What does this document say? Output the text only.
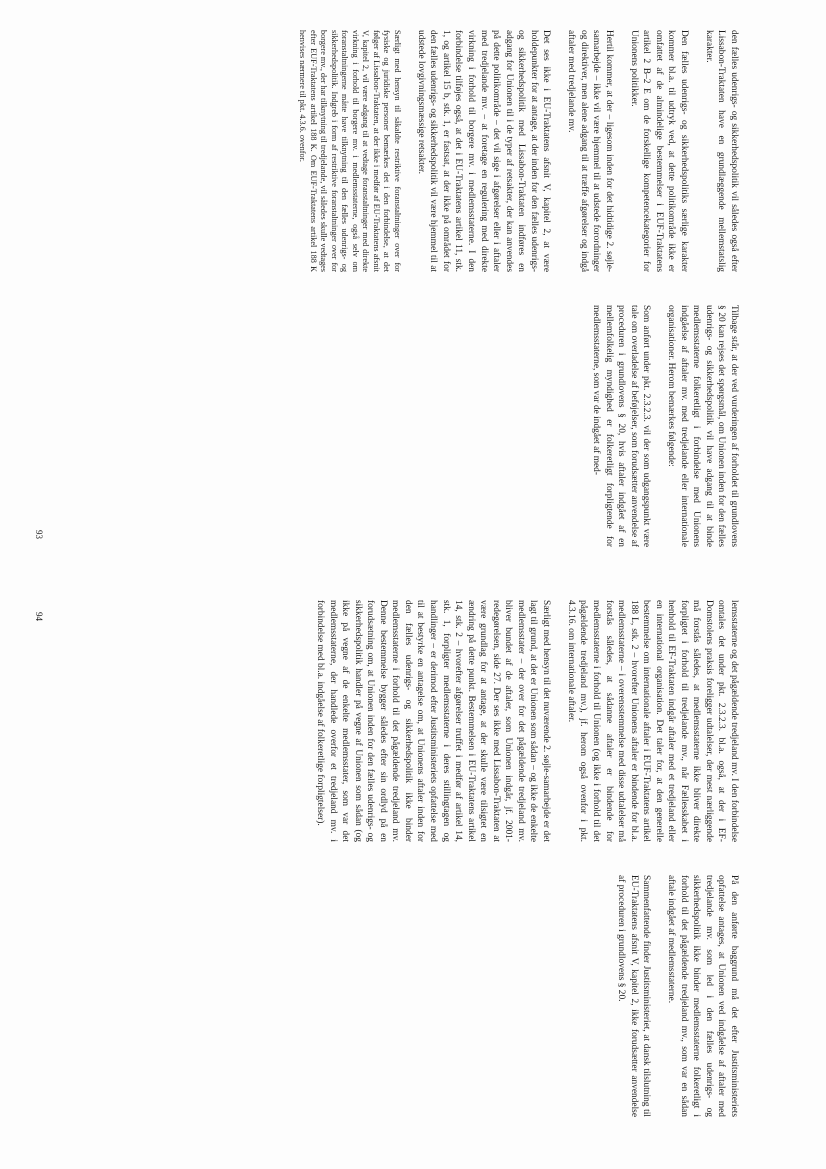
den fælles udenrigs- og sikkerhedspolitik vil således også efter Lissabon-Traktaten have en grundlæggende mellemstatslig karakter.

Den fælles udenrigs- og sikkerhedspolitiks særlige karakter kommer bl.a. til udtryk ved, at dette politikområde ikke er omfattet af de almindelige bestemmelser i EUF-Traktatens artikel 2 B–2 E om de forskellige kompetencekategorier for Unionens politikker.

Hertil kommer, at der – ligesom inden for det hidtidige 2. søjle-samarbejde – ikke vil være hjemmel til at udstede forordninger og direktiver, men alene adgang til at træffe afgørelser og indgå aftaler med tredjelande mv.

Det ses ikke i EU-Traktatens afsnit V, kapitel 2, at være holdepunkter for at antage, at der inden for den fælles udenrigs- og sikkerhedspolitik med Lissabon-Traktaten indføres en adgang for Unionen til i de typer af retsakter, der kan anvendes på dette politikområde – det vil sige i afgørelser eller i aftaler med tredjelande mv. – at foretage en regulering med direkte virkning i forhold til borgere mv. i medlemsstaterne. I den forbindelse tilføjes også, at det i EU-Traktatens artikel 11, stk. 1, og artikel 15 b, stk. 1, er fastsat, at der ikke på området for den fælles udenrigs- og sikkerhedspolitik vil være hjemmel til at udstede lovgivningsmæssige retsakter.

Særligt med hensyn til såkaldte restriktive foranstaltninger over for fysiske og juridiske personer bemærkes det i den forbindelse, at det følger af Lissabon-Traktaten, at der ikke i medfør af EU-Traktatens afsnit V, kapitel 2, vil være adgang til at vedtage foranstaltninger med direkte virkning i forhold til borgere mv. i medlemsstaterne, også selv om foranstaltningerne måtte have tilknytning til den fælles udenrigs- og sikkerhedspolitik. Indgreb i form af restriktive foranstaltninger over for borgere mv., der har tilknytning til tredjelande, vil således skulle vedtages efter EUF-Traktatens artikel 188 K. Om EUF-Traktatens artikel 188 K henvises nærmere til pkt. 4.3.6. ovenfor.

Tilbage står, at der ved vurderingen af forholdet til grundlovens § 20 kan rejses det spørgsmål, om Unionen inden for den fælles udenrigs- og sikkerhedspolitik vil have adgang til at binde medlemsstaterne folkeretligt i forbindelse med Unionens indgåelse af aftaler mv. med tredjelande eller internationale organisationer. Herom bemærkes følgende:

Som anført under pkt. 2.3.2.3. vil der som udgangspunkt være tale om overladelse af beføjelser, som forudsætter anvendelse af proceduren i grundlovens § 20, hvis aftaler indgået af en mellemfolkelig myndighed er folkeretligt forpligtende for medlemsstaterne, som var de indgået af med-

93

lemsstaterne og det pågældende tredjeland mv. I den forbindelse omtales det under pkt. 2.3.2.3. bl.a. også, at der i EF-Domstolens praksis foreligger udtalelser, der mest nærliggende må forstås således, at medlemsstaterne ikke bliver direkte forpligtet i forhold til tredjelande mv., når Fællesskabet i henhold til EF-Traktaten indgår aftaler med et tredjeland eller en international organisation. Det taler for, at den generelle bestemmelse om internationale aftaler i EUF-Traktatens artikel 188 L, stk. 2 – hvorefter Unionens aftaler er bindende for bl.a. medlemsstaterne – i overensstemmelse med disse udtalelser må forstås således, at sådanne aftaler er bindende for medlemsstaterne i forhold til Unionen (og ikke i forhold til det pågældende tredjeland mv.), jf. herom også ovenfor i pkt. 4.3.16. om internationale aftaler.

Særligt med hensyn til det nuværende 2. søjle-samarbejde er det lagt til grund, at det er Unionen som sådan – og ikke de enkelte medlemsstater – der over for det pågældende tredjeland mv. bliver bundet af de aftaler, som Unionen indgår, jf. 2001-redegørelsen, side 27. Der ses ikke med Lissabon-Traktaten at være grundlag for at antage, at der skulle være tilsigtet en ændring på dette punkt. Bestemmelsen i EU-Traktatens artikel 14, stk. 2 – hvorefter afgørelser truffet i medfør af artikel 14, stk. 1, forpligter medlemsstaterne i deres stillingtagen og handlinger – er derimod efter Justitsministeriets opfattelse med til at bestyrke en antagelse om, at Unionens aftaler inden for den fælles udenrigs- og sikkerhedspolitik ikke binder medlemsstaterne i forhold til det pågældende tredjeland mv. Denne bestemmelse bygger således efter sin ordlyd på en forudsætning om, at Unionen inden for den fælles udenrigs- og sikkerhedspolitik handler på vegne af Unionen som sådan (og ikke på vegne af de enkelte medlemsstater, som var det medlemsstaterne, der handlede overfor et tredjeland mv. i forbindelse med bl.a. indgåelse af folkeretlige forpligtelser).

På den anførte baggrund må det efter Justitsministeriets opfattelse antages, at Unionen ved indgåelse af aftaler med tredjelande mv. som led i den fælles udenrigs- og sikkerhedspolitik ikke binder medlemsstaterne folkeretligt i forhold til det pågældende tredjeland mv., som var en sådan aftale indgået af medlemsstaterne.

Sammenfattende finder Justitsministeriet, at dansk tilslutning til EU-Traktatens afsnit V, kapitel 2, ikke forudsætter anvendelse af proceduren i grundlovens § 20.

94
